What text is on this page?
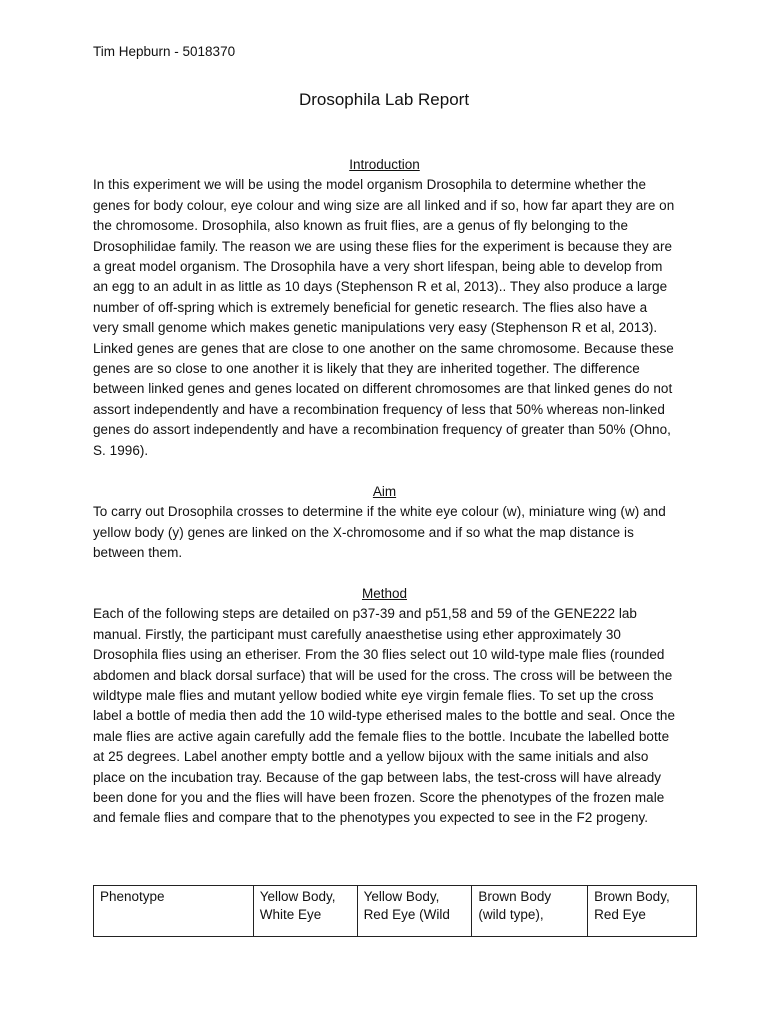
Tim Hepburn - 5018370
Drosophila Lab Report
Introduction

In this experiment we will be using the model organism Drosophila to determine whether the genes for body colour, eye colour and wing size are all linked and if so, how far apart they are on the chromosome. Drosophila, also known as fruit flies, are a genus of fly belonging to the Drosophilidae family. The reason we are using these flies for the experiment is because they are a great model organism. The Drosophila have a very short lifespan, being able to develop from an egg to an adult in as little as 10 days (Stephenson R et al, 2013).. They also produce a large number of off-spring which is extremely beneficial for genetic research. The flies also have a very small genome which makes genetic manipulations very easy (Stephenson R et al, 2013). Linked genes are genes that are close to one another on the same chromosome. Because these genes are so close to one another it is likely that they are inherited together. The difference between linked genes and genes located on different chromosomes are that linked genes do not assort independently and have a recombination frequency of less that 50% whereas non-linked genes do assort independently and have a recombination frequency of greater than 50% (Ohno, S. 1996).

Aim

To carry out Drosophila crosses to determine if the white eye colour (w), miniature wing (w) and yellow body (y) genes are linked on the X-chromosome and if so what the map distance is between them.

Method

Each of the following steps are detailed on p37-39 and p51,58 and 59 of the GENE222 lab manual. Firstly, the participant must carefully anaesthetise using ether approximately 30 Drosophila flies using an etheriser. From the 30 flies select out 10 wild-type male flies (rounded abdomen and black dorsal surface) that will be used for the cross. The cross will be between the wildtype male flies and mutant yellow bodied white eye virgin female flies. To set up the cross label a bottle of media then add the 10 wild-type etherised males to the bottle and seal. Once the male flies are active again carefully add the female flies to the bottle. Incubate the labelled botte at 25 degrees. Label another empty bottle and a yellow bijoux with the same initials and also place on the incubation tray. Because of the gap between labs, the test-cross will have already been done for you and the flies will have been frozen. Score the phenotypes of the frozen male and female flies and compare that to the phenotypes you expected to see in the F2 progeny.

Phenotype	Yellow Body, White Eye	Yellow Body, Red Eye (Wild	Brown Body (wild type),	Brown Body, Red Eye
